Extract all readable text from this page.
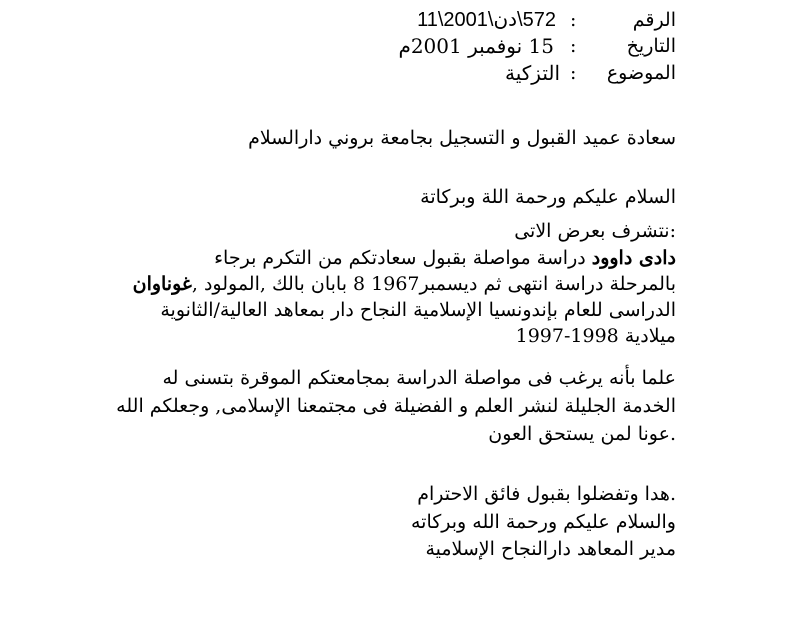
الرقم
:
572\دن\2001\11
التاريخ
:
15 نوفمبر 2001م
الموضوع
:
التزكية
سعادة عميد القبول و التسجيل بجامعة بروني دارالسلام
السلام عليكم ورحمة اللة وبركاتة
:نتشرف بعرض الاتى
دادى داوود دراسة مواصلة بقبول سعادتكم من التكرم برجاء
بالمرحلة دراسة انتهى ثم ديسمبر1967 8 بابان بالك ,المولود ,غوناوان
الدراسى للعام بإندونسيا الإسلامية النجاح دار بمعاهد العالية/الثانوية
ميلادية 1998-1997
علما بأنه يرغب فى مواصلة الدراسة بمجامعتكم الموقرة بتسنى له
الخدمة الجليلة لنشر العلم و الفضيلة فى مجتمعنا الإسلامى, وجعلكم الله
.عونا لمن يستحق العون
.هدا وتفضلوا بقبول فائق الاحترام
والسلام عليكم ورحمة الله وبركاته
مدير المعاهد دارالنجاح الإسلامية
